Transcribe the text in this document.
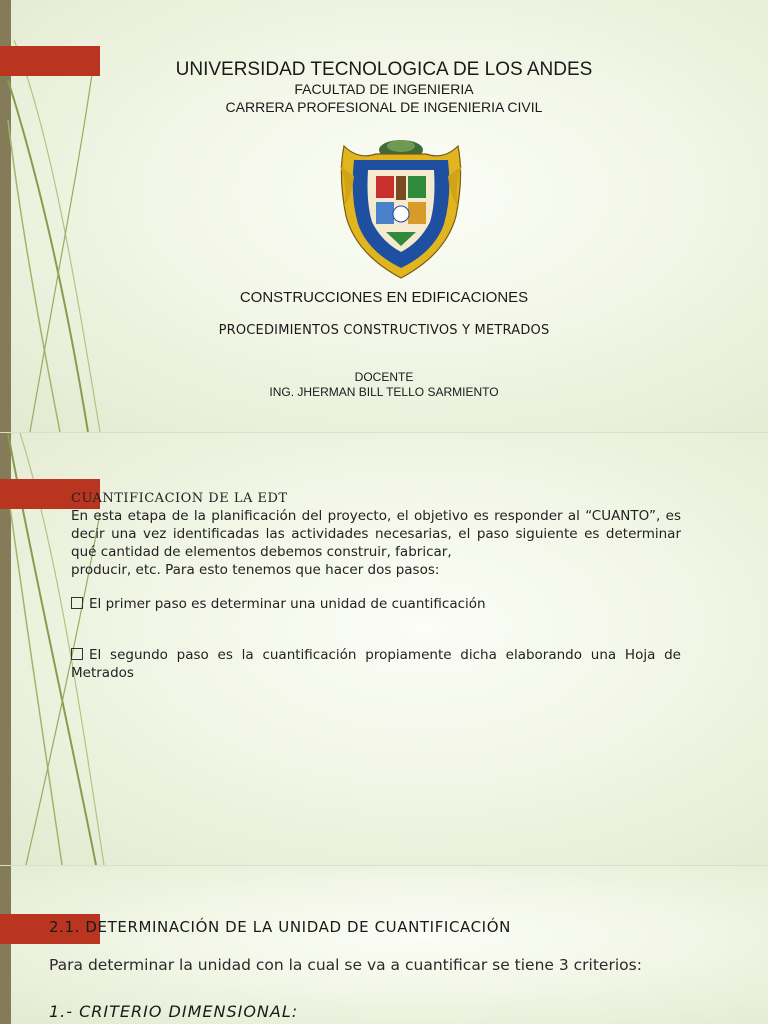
UNIVERSIDAD TECNOLOGICA DE LOS ANDES
FACULTAD DE INGENIERIA
CARRERA PROFESIONAL DE INGENIERIA CIVIL
CONSTRUCCIONES EN EDIFICACIONES
PROCEDIMIENTOS CONSTRUCTIVOS Y METRADOS
DOCENTE
ING. JHERMAN BILL TELLO SARMIENTO
CUANTIFICACION DE LA EDT
En esta etapa de la planificación del proyecto, el objetivo es responder al “CUANTO”, es decir una vez identificadas las actividades necesarias, el paso siguiente es determinar qué cantidad de elementos debemos construir, fabricar,
producir, etc. Para esto tenemos que hacer dos pasos:
El primer paso es determinar una unidad de cuantificación
El segundo paso es la cuantificación propiamente dicha elaborando una Hoja de Metrados
2.1. DETERMINACIÓN DE LA UNIDAD DE CUANTIFICACIÓN
Para determinar la unidad con la cual se va a cuantificar se tiene 3 criterios:
1.- CRITERIO DIMENSIONAL:
